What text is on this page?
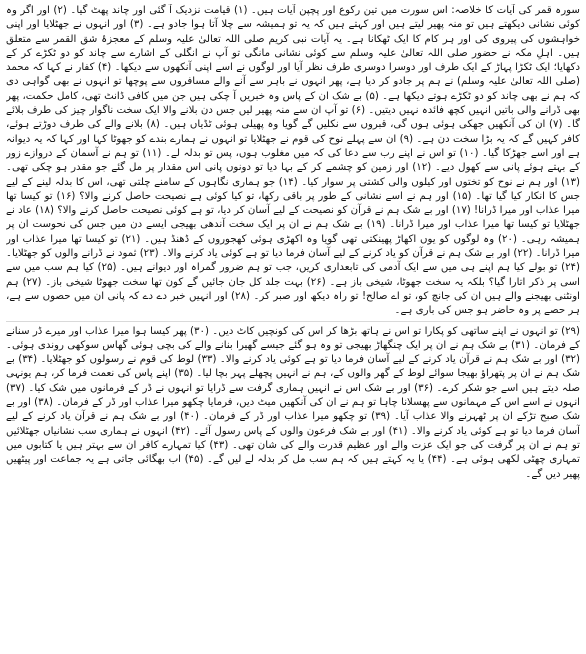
سورہ قمر کی آیات کا خلاصہ: اس سورت میں تین رکوع اور پچپن آیات ہیں۔ (۱) قیامت نزدیک آ گئی اور چاند پھٹ گیا۔ (۲) اور اگر وہ کوئی نشانی دیکھتے ہیں تو منہ پھیر لیتے ہیں اور کہتے ہیں کہ یہ تو ہمیشہ سے چلا آتا ہوا جادو ہے۔ (۳) اور انہوں نے جھٹلایا اور اپنی خواہشوں کی پیروی کی اور ہر کام کا ایک ٹھکانا ہے۔ یہ آیات نبی کریم صلی اللہ تعالیٰ علیہ وسلم کے معجزۂ شق القمر سے متعلق ہیں۔ اہلِ مکہ نے حضور صلی اللہ تعالیٰ علیہ وسلم سے کوئی نشانی مانگی تو آپ نے انگلی کے اشارے سے چاند کو دو ٹکڑے کر کے دکھایا؛ ایک ٹکڑا پہاڑ کے ایک طرف اور دوسرا دوسری طرف نظر آیا اور لوگوں نے اسے اپنی آنکھوں سے دیکھا۔ (۴) کفار نے کہا کہ محمد (صلی اللہ تعالیٰ علیہ وسلم) نے ہم پر جادو کر دیا ہے، پھر انہوں نے باہر سے آنے والے مسافروں سے پوچھا تو انہوں نے بھی گواہی دی کہ ہم نے بھی چاند کو دو ٹکڑے ہوتے دیکھا ہے۔ (۵) بے شک ان کے پاس وہ خبریں آ چکی ہیں جن میں کافی ڈانٹ تھی، کامل حکمت، پھر بھی ڈرانے والی باتیں انہیں کچھ فائدہ نہیں دیتیں۔ (۶) تو آپ ان سے منہ پھیر لیں جس دن بلانے والا ایک سخت ناگوار چیز کی طرف بلائے گا۔ (۷) ان کی آنکھیں جھکی ہوئی ہوں گی، قبروں سے نکلیں گے گویا وہ پھیلی ہوئی ٹڈیاں ہیں۔ (۸) بلانے والے کی طرف دوڑتے ہوئے، کافر کہیں گے کہ یہ بڑا سخت دن ہے۔ (۹) ان سے پہلے نوح کی قوم نے جھٹلایا تو انہوں نے ہمارے بندے کو جھوٹا کہا اور کہا کہ یہ دیوانہ ہے اور اسے جھڑکا گیا۔ (۱۰) تو اس نے اپنے رب سے دعا کی کہ میں مغلوب ہوں، پس تو بدلہ لے۔ (۱۱) تو ہم نے آسمان کے دروازے زور کے بہتے ہوئے پانی سے کھول دیے۔ (۱۲) اور زمین کو چشمے کر کے بہا دیا تو دونوں پانی اس مقدار پر مل گئے جو مقدر ہو چکی تھی۔ (۱۳) اور ہم نے نوح کو تختوں اور کیلوں والی کشتی پر سوار کیا۔ (۱۴) جو ہماری نگاہوں کے سامنے چلتی تھی، اس کا بدلہ لینے کے لیے جس کا انکار کیا گیا تھا۔ (۱۵) اور ہم نے اسے نشانی کے طور پر باقی رکھا، تو کیا کوئی ہے نصیحت حاصل کرنے والا؟ (۱۶) تو کیسا تھا میرا عذاب اور میرا ڈرانا! (۱۷) اور بے شک ہم نے قرآن کو نصیحت کے لیے آسان کر دیا، تو ہے کوئی نصیحت حاصل کرنے والا؟ (۱۸) عاد نے جھٹلایا تو کیسا تھا میرا عذاب اور میرا ڈرانا۔ (۱۹) بے شک ہم نے ان پر ایک سخت آندھی بھیجی ایسے دن میں جس کی نحوست ان پر ہمیشہ رہی۔ (۲۰) وہ لوگوں کو یوں اکھاڑ پھینکتی تھی گویا وہ اکھڑی ہوئی کھجوروں کے ڈھنڈ ہیں۔ (۲۱) تو کیسا تھا میرا عذاب اور میرا ڈرانا۔ (۲۲) اور بے شک ہم نے قرآن کو یاد کرنے کے لیے آسان فرما دیا تو ہے کوئی یاد کرنے والا۔ (۲۳) ثمود نے ڈرانے والوں کو جھٹلایا۔ (۲۴) تو بولے کیا ہم اپنے ہی میں سے ایک آدمی کی تابعداری کریں، جب تو ہم ضرور گمراہ اور دیوانے ہیں۔ (۲۵) کیا ہم سب میں سے اسی پر ذکر اتارا گیا؟ بلکہ یہ سخت جھوٹا، شیخی باز ہے۔ (۲۶) بہت جلد کل جان جائیں گے کون تھا سخت جھوٹا شیخی باز۔ (۲۷) ہم اونٹنی بھیجنے والے ہیں ان کی جانچ کو، تو اے صالح! تو راہ دیکھ اور صبر کر۔ (۲۸) اور انہیں خبر دے دے کہ پانی ان میں حصوں سے ہے، ہر حصے پر وہ حاضر ہو جس کی باری ہے۔

(۲۹) تو انہوں نے اپنے ساتھی کو پکارا تو اس نے ہاتھ بڑھا کر اس کی کونچیں کاٹ دیں۔ (۳۰) پھر کیسا ہوا میرا عذاب اور میرے ڈر سنانے کے فرمان۔ (۳۱) بے شک ہم نے ان پر ایک چنگھاڑ بھیجی تو وہ ہو گئے جیسے گھیرا بنانے والے کی بچی ہوئی گھاس سوکھی روندی ہوئی۔ (۳۲) اور بے شک ہم نے قرآن یاد کرنے کے لیے آسان فرما دیا تو ہے کوئی یاد کرنے والا۔ (۳۳) لوط کی قوم نے رسولوں کو جھٹلایا۔ (۳۴) بے شک ہم نے ان پر پتھراؤ بھیجا سوائے لوط کے گھر والوں کے، ہم نے انہیں پچھلے پہر بچا لیا۔ (۳۵) اپنے پاس کی نعمت فرما کر، ہم یونہی صلہ دیتے ہیں اسے جو شکر کرے۔ (۳۶) اور بے شک اس نے انہیں ہماری گرفت سے ڈرایا تو انہوں نے ڈر کے فرمانوں میں شک کیا۔ (۳۷) انہوں نے اسے اس کے مہمانوں سے پھسلانا چاہا تو ہم نے ان کی آنکھیں میٹ دیں، فرمایا چکھو میرا عذاب اور ڈر کے فرمان۔ (۳۸) اور بے شک صبح تڑکے ان پر ٹھہرنے والا عذاب آیا۔ (۳۹) تو چکھو میرا عذاب اور ڈر کے فرمان۔ (۴۰) اور بے شک ہم نے قرآن یاد کرنے کے لیے آسان فرما دیا تو ہے کوئی یاد کرنے والا۔ (۴۱) اور بے شک فرعون والوں کے پاس رسول آئے۔ (۴۲) انہوں نے ہماری سب نشانیاں جھٹلائیں تو ہم نے ان پر گرفت کی جو ایک عزت والے اور عظیم قدرت والے کی شان تھی۔ (۴۳) کیا تمہارے کافر ان سے بہتر ہیں یا کتابوں میں تمہاری چھٹی لکھی ہوئی ہے۔ (۴۴) یا یہ کہتے ہیں کہ ہم سب مل کر بدلہ لے لیں گے۔ (۴۵) اب بھگائی جاتی ہے یہ جماعت اور پیٹھیں پھیر دیں گے۔
